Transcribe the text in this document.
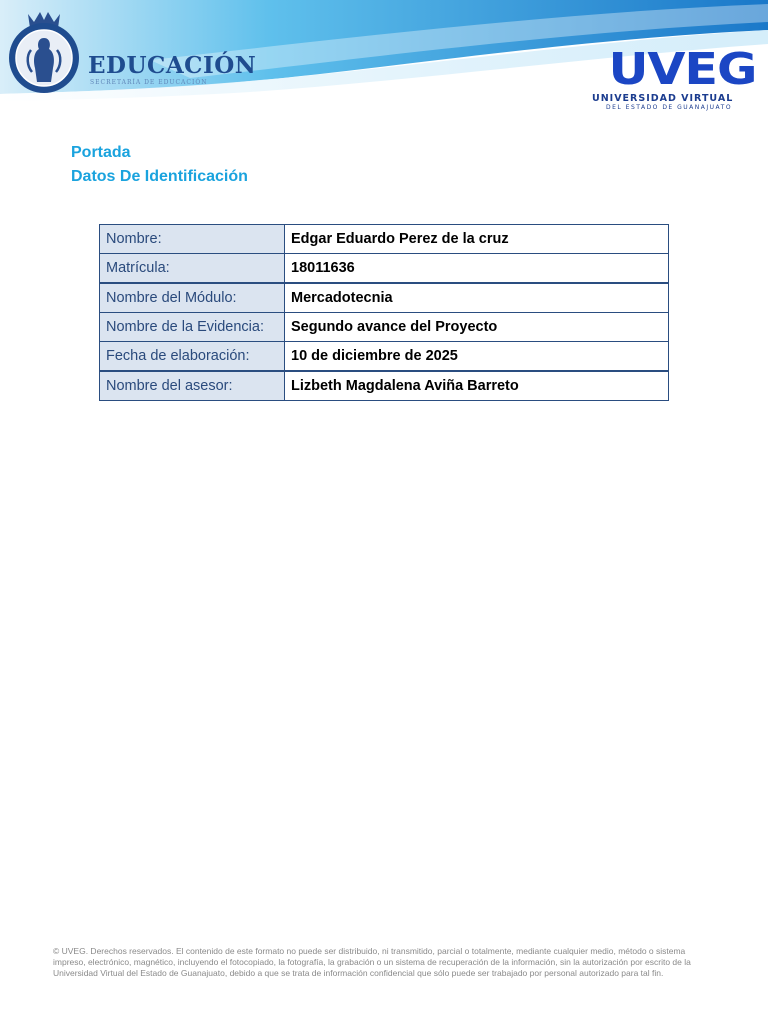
EDUCACIÓN
SECRETARÍA DE EDUCACIÓN	UVEG
UNIVERSIDAD VIRTUAL
DEL ESTADO DE GUANAJUATO
Portada
Datos De Identificación
Nombre:	Edgar Eduardo Perez de la cruz
Matrícula:	18011636
Nombre del Módulo:	Mercadotecnia
Nombre de la Evidencia:	Segundo avance del Proyecto
Fecha de elaboración:	10 de diciembre de 2025
Nombre del asesor:	Lizbeth Magdalena Aviña Barreto
© UVEG. Derechos reservados. El contenido de este formato no puede ser distribuido, ni transmitido, parcial o totalmente, mediante cualquier medio, método o sistema impreso, electrónico, magnético, incluyendo el fotocopiado, la fotografía, la grabación o un sistema de recuperación de la información, sin la autorización por escrito de la Universidad Virtual del Estado de Guanajuato, debido a que se trata de información confidencial que sólo puede ser trabajado por personal autorizado para tal fin.
